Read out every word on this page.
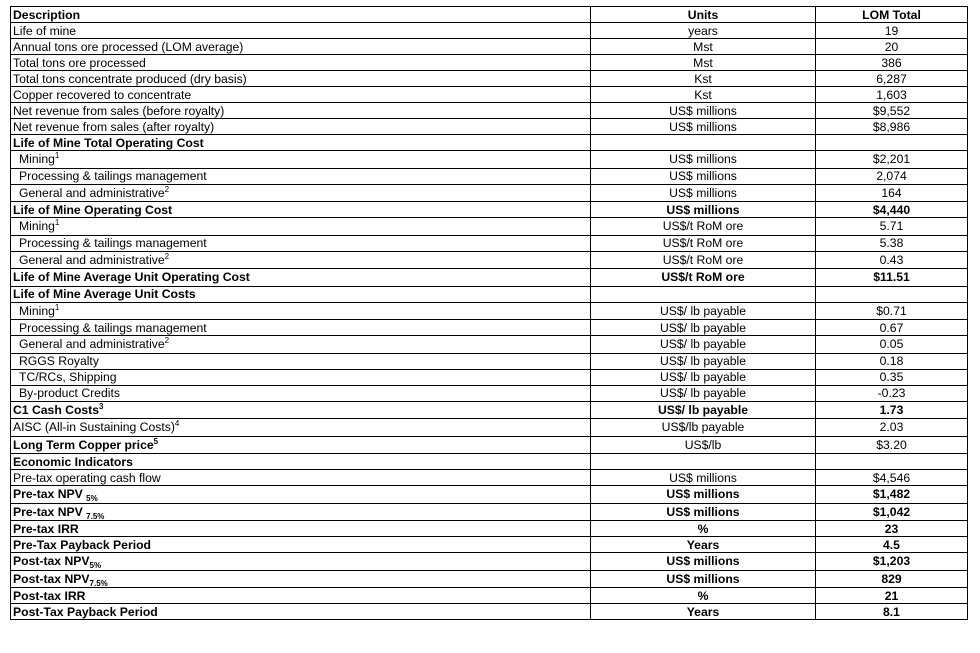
Description	Units	LOM Total
Life of mine	years	19
Annual tons ore processed (LOM average)	Mst	20
Total tons ore processed	Mst	386
Total tons concentrate produced (dry basis)	Kst	6,287
Copper recovered to concentrate	Kst	1,603
Net revenue from sales (before royalty)	US$ millions	$9,552
Net revenue from sales (after royalty)	US$ millions	$8,986
Life of Mine Total Operating Cost		
Mining$^1$	US$ millions	$2,201
Processing & tailings management	US$ millions	2,074
General and administrative$^2$	US$ millions	164
Life of Mine Operating Cost	US$ millions	$4,440
Mining$^1$	US$/t RoM ore	5.71
Processing & tailings management	US$/t RoM ore	5.38
General and administrative$^2$	US$/t RoM ore	0.43
Life of Mine Average Unit Operating Cost	US$/t RoM ore	$11.51
Life of Mine Average Unit Costs		
Mining$^1$	US$/ lb payable	$0.71
Processing & tailings management	US$/ lb payable	0.67
General and administrative$^2$	US$/ lb payable	0.05
RGGS Royalty	US$/ lb payable	0.18
TC/RCs, Shipping	US$/ lb payable	0.35
By-product Credits	US$/ lb payable	-0.23
C1 Cash Costs$^3$	US$/ lb payable	1.73
AISC (All-in Sustaining Costs)$^4$	US$/lb payable	2.03
Long Term Copper price$^5$	US$/lb	$3.20
Economic Indicators		
Pre-tax operating cash flow	US$ millions	$4,546
Pre-tax NPV $_{5\%}$	US$ millions	$1,482
Pre-tax NPV $_{7.5\%}$	US$ millions	$1,042
Pre-tax IRR	%	23
Pre-Tax Payback Period	Years	4.5
Post-tax $NPV_{5\%}$	US$ millions	$1,203
Post-tax $NPV_{7.5\%}$	US$ millions	829
Post-tax IRR	%	21
Post-Tax Payback Period	Years	8.1
